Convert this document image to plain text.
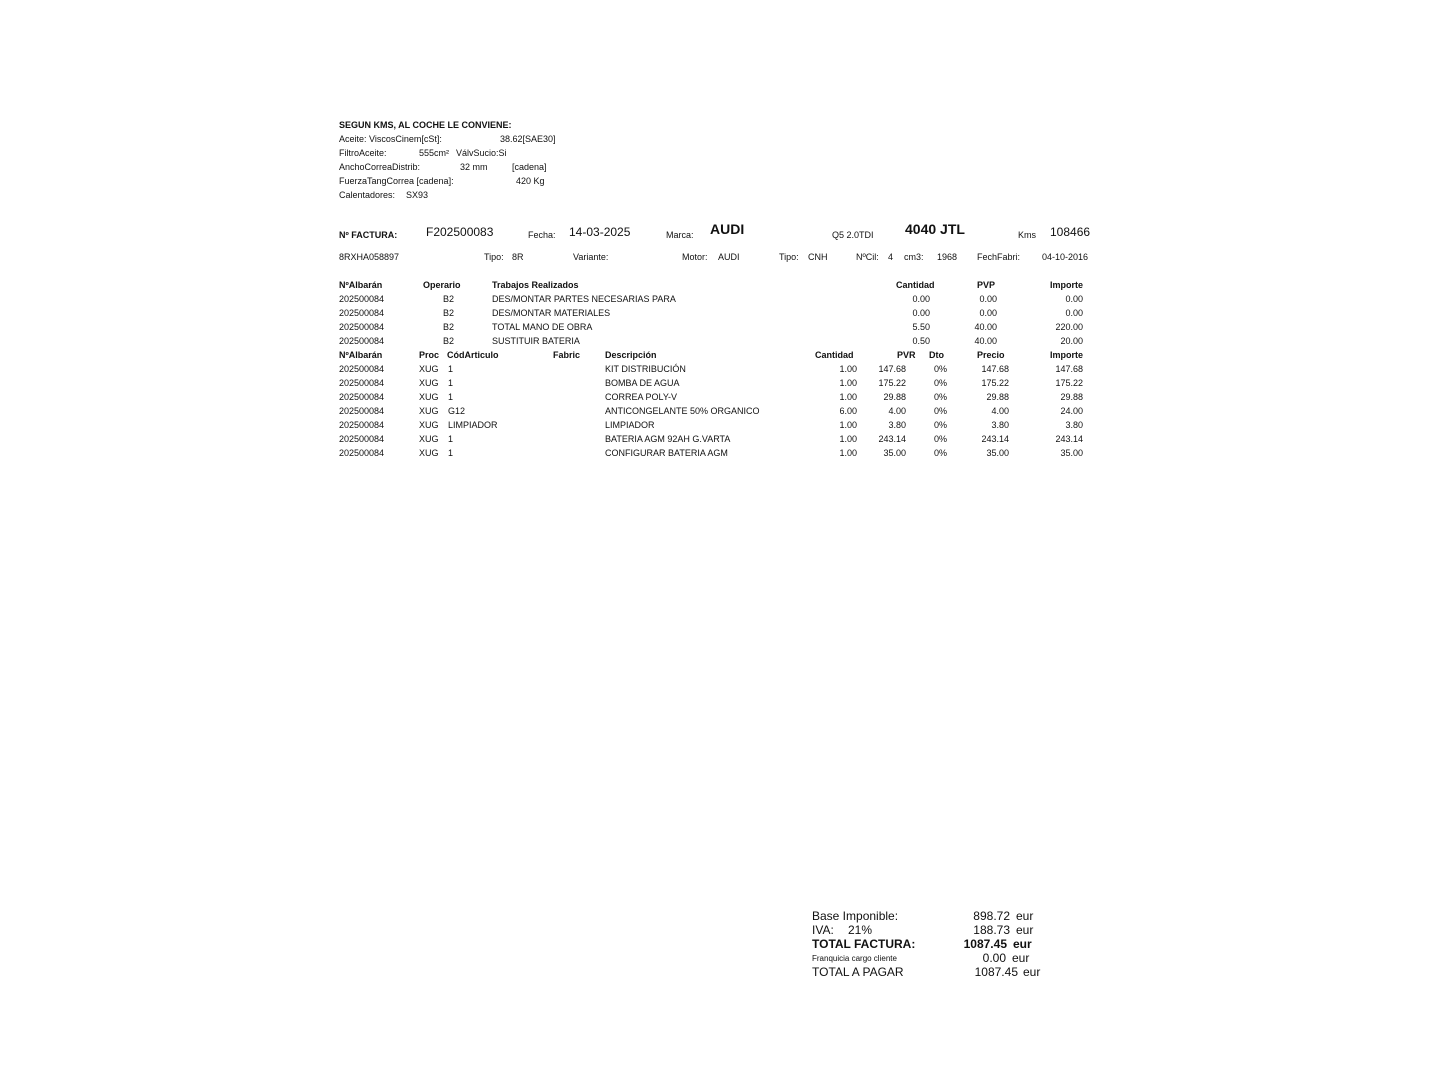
SEGUN KMS, AL COCHE LE CONVIENE:
Aceite: ViscosCinem[cSt]:	38.62[SAE30]
FiltroAceite:	555cm² VálvSucio:Si
AnchoCorreaDistrib:	32 mm	[cadena]
FuerzaTangCorrea [cadena]:	420 Kg
Calentadores: SX93
Nº FACTURA: F202500083	Fecha: 14-03-2025	Marca: AUDI	Q5 2.0TDI 4040 JTL	Kms 108466
8RXHA058897	Tipo: 8R	Variante:	Motor: AUDI	Tipo: CNH	NºCil: 4 cm3: 1968 FechFabri: 04-10-2016
NºAlbarán	Operario	Trabajos Realizados	Cantidad	PVP	Importe
202500084	B2	DES/MONTAR PARTES NECESARIAS PARA	0.00	0.00	0.00
202500084	B2	DES/MONTAR MATERIALES	0.00	0.00	0.00
202500084	B2	TOTAL MANO DE OBRA	5.50	40.00	220.00
202500084	B2	SUSTITUIR BATERIA	0.50	40.00	20.00
NºAlbarán	Proc CódArticulo	Fabric	Descripción	Cantidad	PVR Dto	Precio	Importe
202500084	XUG 1	KIT DISTRIBUCIÓN	1.00	147.68	0%	147.68	147.68
202500084	XUG 1	BOMBA DE AGUA	1.00	175.22	0%	175.22	175.22
202500084	XUG 1	CORREA POLY-V	1.00	29.88	0%	29.88	29.88
202500084	XUG G12	ANTICONGELANTE 50% ORGANICO	6.00	4.00	0%	4.00	24.00
202500084	XUG LIMPIADOR	LIMPIADOR	1.00	3.80	0%	3.80	3.80
202500084	XUG 1	BATERIA AGM 92AH G.VARTA	1.00	243.14	0%	243.14	243.14
202500084	XUG 1	CONFIGURAR BATERIA AGM	1.00	35.00	0%	35.00	35.00
Base Imponible:	898.72 eur
IVA: 21%	188.73 eur
TOTAL FACTURA:	1087.45 eur
Franquicia cargo cliente	0.00 eur
TOTAL A PAGAR	1087.45 eur
